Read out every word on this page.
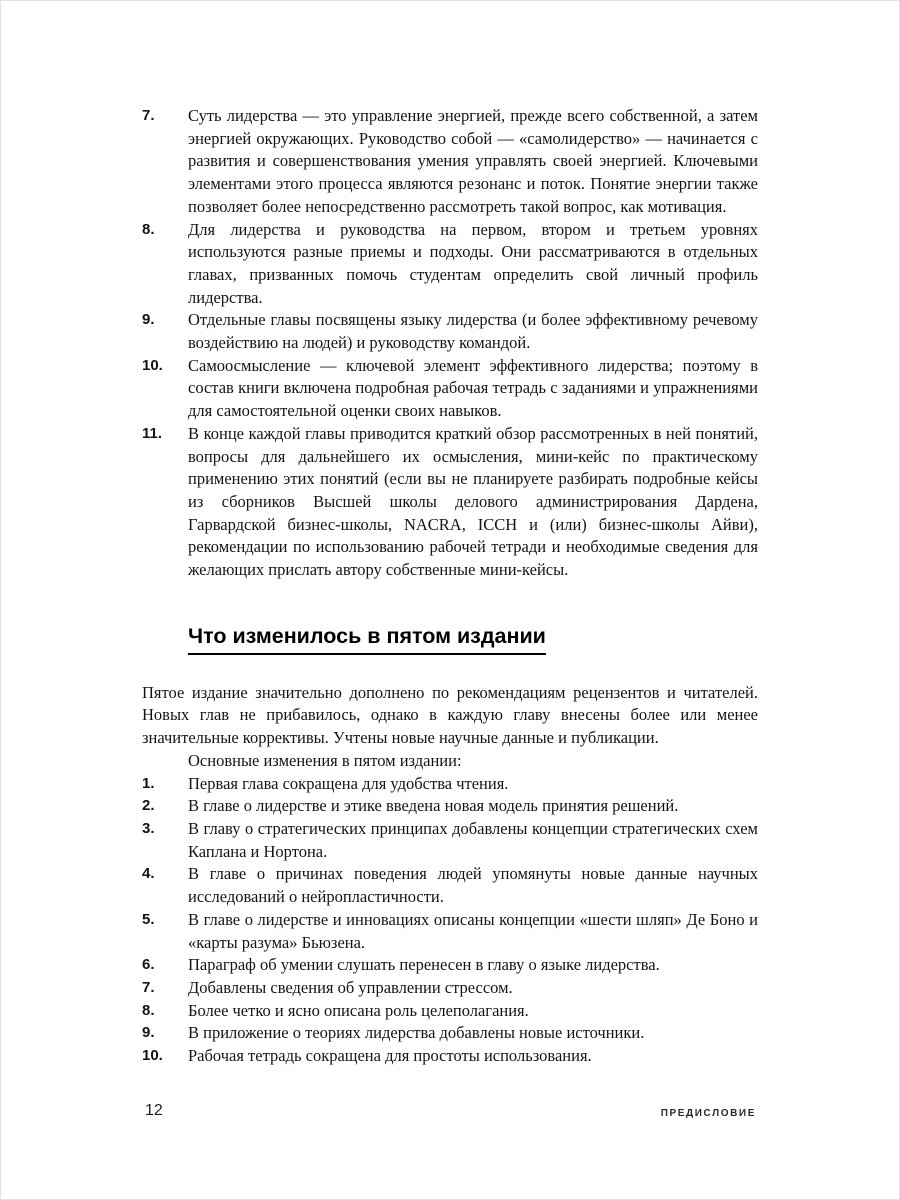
7.	Суть лидерства — это управление энергией, прежде всего собственной, а затем энергией окружающих. Руководство собой — «самолидерство» — начинается с развития и совершенствования умения управлять своей энергией. Ключевыми элементами этого процесса являются резонанс и поток. Понятие энергии также позволяет более непосредственно рассмотреть такой вопрос, как мотивация.
8.	Для лидерства и руководства на первом, втором и третьем уровнях используются разные приемы и подходы. Они рассматриваются в отдельных главах, призванных помочь студентам определить свой личный профиль лидерства.
9.	Отдельные главы посвящены языку лидерства (и более эффективному речевому воздействию на людей) и руководству командой.
10.	Самоосмысление — ключевой элемент эффективного лидерства; поэтому в состав книги включена подробная рабочая тетрадь с заданиями и упражнениями для самостоятельной оценки своих навыков.
11.	В конце каждой главы приводится краткий обзор рассмотренных в ней понятий, вопросы для дальнейшего их осмысления, мини-кейс по практическому применению этих понятий (если вы не планируете разбирать подробные кейсы из сборников Высшей школы делового администрирования Дардена, Гарвардской бизнес-школы, NACRA, ICCH и (или) бизнес-школы Айви), рекомендации по использованию рабочей тетради и необходимые сведения для желающих прислать автору собственные мини-кейсы.
Что изменилось в пятом издании

Пятое издание значительно дополнено по рекомендациям рецензентов и читателей. Новых глав не прибавилось, однако в каждую главу внесены более или менее значительные коррективы. Учтены новые научные данные и публикации.

Основные изменения в пятом издании:

1.	Первая глава сокращена для удобства чтения.
2.	В главе о лидерстве и этике введена новая модель принятия решений.
3.	В главу о стратегических принципах добавлены концепции стратегических схем Каплана и Нортона.
4.	В главе о причинах поведения людей упомянуты новые данные научных исследований о нейропластичности.
5.	В главе о лидерстве и инновациях описаны концепции «шести шляп» Де Боно и «карты разума» Бьюзена.
6.	Параграф об умении слушать перенесен в главу о языке лидерства.
7.	Добавлены сведения об управлении стрессом.
8.	Более четко и ясно описана роль целеполагания.
9.	В приложение о теориях лидерства добавлены новые источники.
10.	Рабочая тетрадь сокращена для простоты использования.
12	ПРЕДИСЛОВИЕ
